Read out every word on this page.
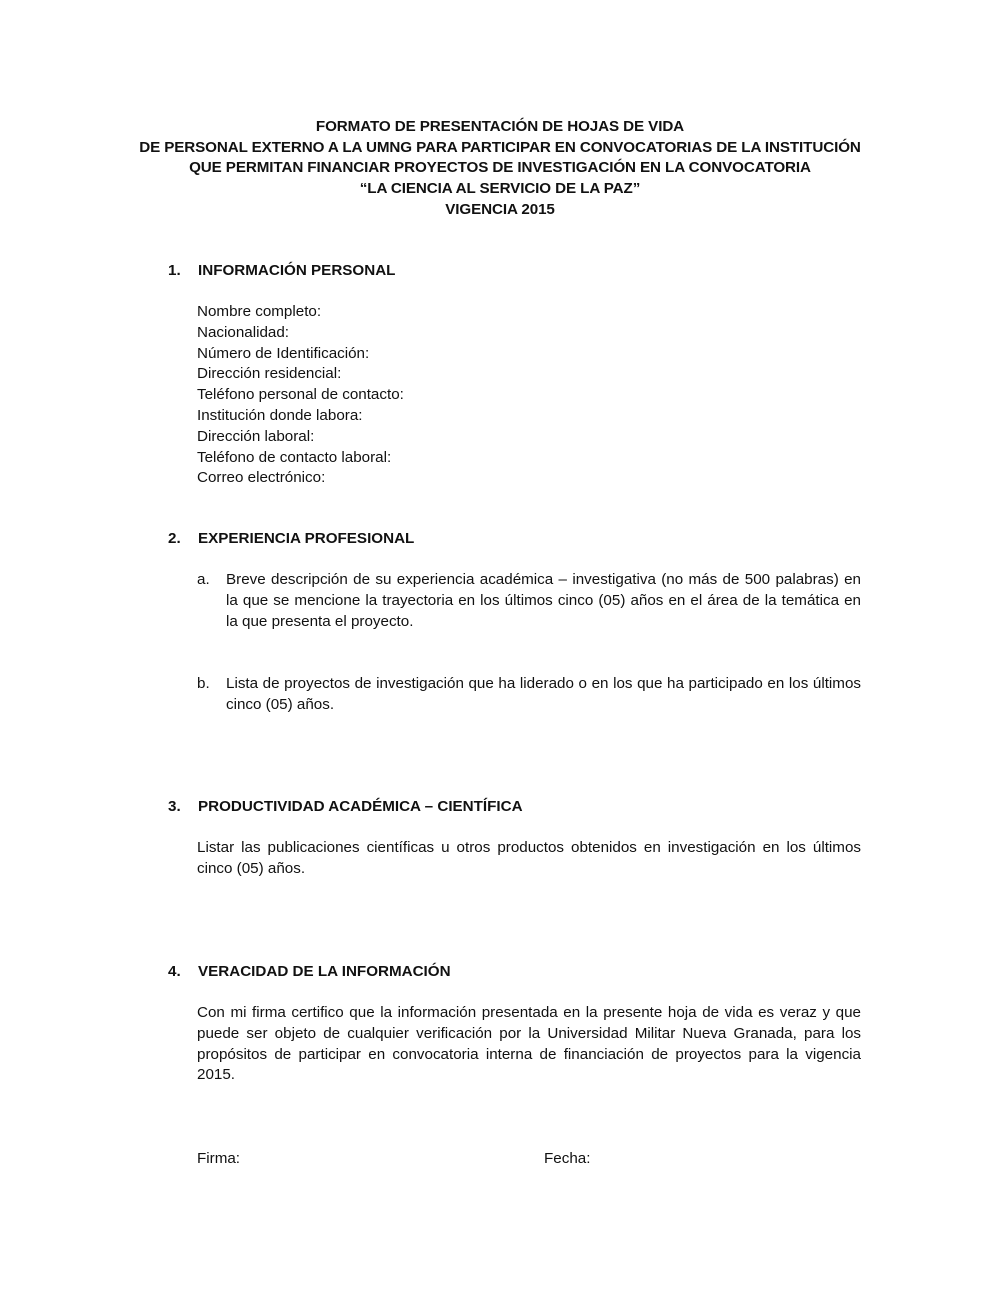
FORMATO DE PRESENTACIÓN DE HOJAS DE VIDA
DE PERSONAL EXTERNO A LA UMNG PARA PARTICIPAR EN CONVOCATORIAS DE LA INSTITUCIÓN
QUE PERMITAN FINANCIAR PROYECTOS DE INVESTIGACIÓN EN LA CONVOCATORIA
“LA CIENCIA AL SERVICIO DE LA PAZ”
VIGENCIA 2015
1. INFORMACIÓN PERSONAL
Nombre completo:
Nacionalidad:
Número de Identificación:
Dirección residencial:
Teléfono personal de contacto:
Institución donde labora:
Dirección laboral:
Teléfono de contacto laboral:
Correo electrónico:
2. EXPERIENCIA PROFESIONAL
a. Breve descripción de su experiencia académica – investigativa (no más de 500 palabras) en la que se mencione la trayectoria en los últimos cinco (05) años en el área de la temática en la que presenta el proyecto.
b. Lista de proyectos de investigación que ha liderado o en los que ha participado en los últimos cinco (05) años.
3. PRODUCTIVIDAD ACADÉMICA – CIENTÍFICA
Listar las publicaciones científicas u otros productos obtenidos en investigación en los últimos cinco (05) años.
4. VERACIDAD DE LA INFORMACIÓN
Con mi firma certifico que la información presentada en la presente hoja de vida es veraz y que puede ser objeto de cualquier verificación por la Universidad Militar Nueva Granada, para los propósitos de participar en convocatoria interna de financiación de proyectos para la vigencia 2015.
Firma:	Fecha:
